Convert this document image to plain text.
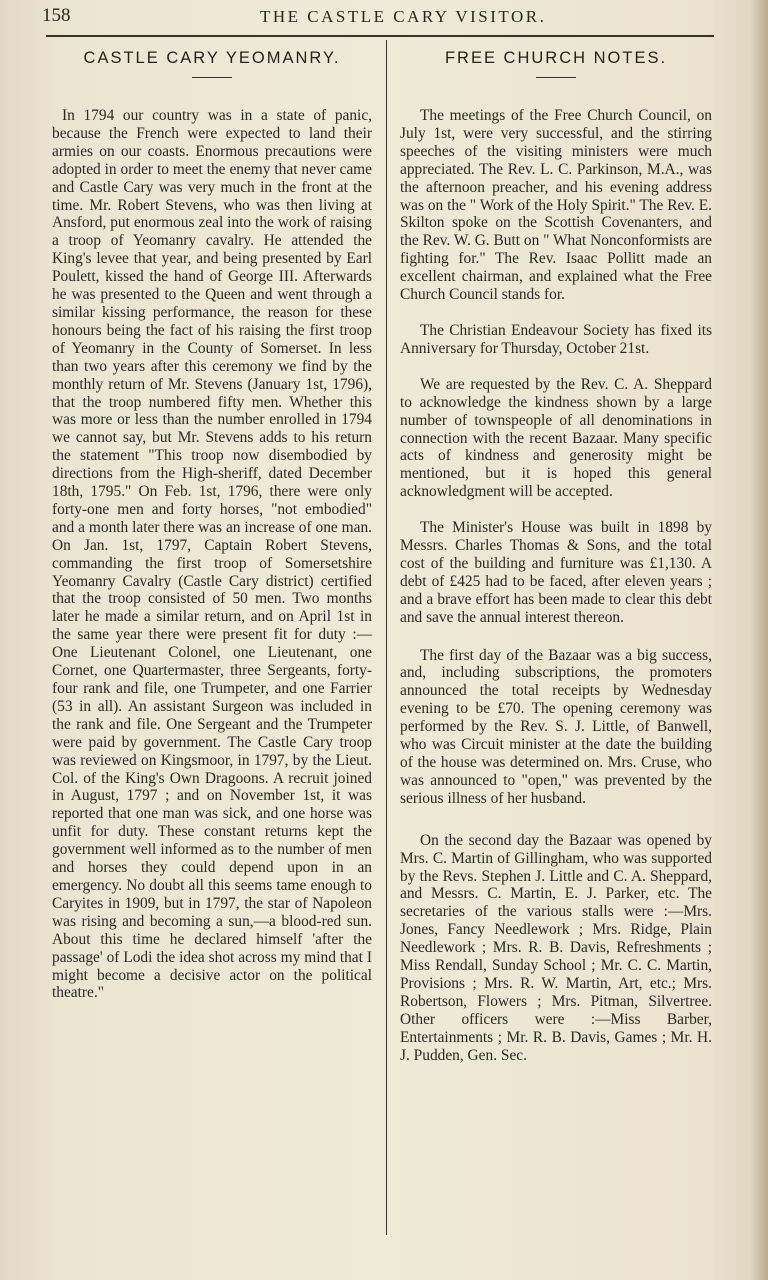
158	THE CASTLE CARY VISITOR.
CASTLE CARY YEOMANRY.

In 1794 our country was in a state of panic, because the French were expected to land their armies on our coasts. Enormous precautions were adopted in order to meet the enemy that never came and Castle Cary was very much in the front at the time. Mr. Robert Stevens, who was then living at Ansford, put enormous zeal into the work of raising a troop of Yeomanry cavalry. He attended the King's levee that year, and being presented by Earl Poulett, kissed the hand of George III. Afterwards he was presented to the Queen and went through a similar kissing performance, the reason for these honours being the fact of his raising the first troop of Yeomanry in the County of Somerset. In less than two years after this ceremony we find by the monthly return of Mr. Stevens (January 1st, 1796), that the troop numbered fifty men. Whether this was more or less than the number enrolled in 1794 we cannot say, but Mr. Stevens adds to his return the statement "This troop now disembodied by directions from the High-sheriff, dated December 18th, 1795." On Feb. 1st, 1796, there were only forty-one men and forty horses, "not embodied" and a month later there was an increase of one man. On Jan. 1st, 1797, Captain Robert Stevens, commanding the first troop of Somersetshire Yeomanry Cavalry (Castle Cary district) certified that the troop consisted of 50 men. Two months later he made a similar return, and on April 1st in the same year there were present fit for duty :—One Lieutenant Colonel, one Lieutenant, one Cornet, one Quartermaster, three Sergeants, forty-four rank and file, one Trumpeter, and one Farrier (53 in all). An assistant Surgeon was included in the rank and file. One Sergeant and the Trumpeter were paid by government. The Castle Cary troop was reviewed on Kingsmoor, in 1797, by the Lieut. Col. of the King's Own Dragoons. A recruit joined in August, 1797 ; and on November 1st, it was reported that one man was sick, and one horse was unfit for duty. These constant returns kept the government well informed as to the number of men and horses they could depend upon in an emergency. No doubt all this seems tame enough to Caryites in 1909, but in 1797, the star of Napoleon was rising and becoming a sun,—a blood-red sun. About this time he declared himself 'after the passage' of Lodi the idea shot across my mind that I might become a decisive actor on the political theatre."

FREE CHURCH NOTES.

The meetings of the Free Church Council, on July 1st, were very successful, and the stirring speeches of the visiting ministers were much appreciated. The Rev. L. C. Parkinson, M.A., was the afternoon preacher, and his evening address was on the " Work of the Holy Spirit." The Rev. E. Skilton spoke on the Scottish Covenanters, and the Rev. W. G. Butt on " What Nonconformists are fighting for." The Rev. Isaac Pollitt made an excellent chairman, and explained what the Free Church Council stands for.

The Christian Endeavour Society has fixed its Anniversary for Thursday, October 21st.

We are requested by the Rev. C. A. Sheppard to acknowledge the kindness shown by a large number of townspeople of all denominations in connection with the recent Bazaar. Many specific acts of kindness and generosity might be mentioned, but it is hoped this general acknowledgment will be accepted.

The Minister's House was built in 1898 by Messrs. Charles Thomas & Sons, and the total cost of the building and furniture was £1,130. A debt of £425 had to be faced, after eleven years ; and a brave effort has been made to clear this debt and save the annual interest thereon.

The first day of the Bazaar was a big success, and, including subscriptions, the promoters announced the total receipts by Wednesday evening to be £70. The opening ceremony was performed by the Rev. S. J. Little, of Banwell, who was Circuit minister at the date the building of the house was determined on. Mrs. Cruse, who was announced to "open," was prevented by the serious illness of her husband.

On the second day the Bazaar was opened by Mrs. C. Martin of Gillingham, who was supported by the Revs. Stephen J. Little and C. A. Sheppard, and Messrs. C. Martin, E. J. Parker, etc. The secretaries of the various stalls were :—Mrs. Jones, Fancy Needlework ; Mrs. Ridge, Plain Needlework ; Mrs. R. B. Davis, Refreshments ; Miss Rendall, Sunday School ; Mr. C. C. Martin, Provisions ; Mrs. R. W. Martin, Art, etc.; Mrs. Robertson, Flowers ; Mrs. Pitman, Silvertree. Other officers were :—Miss Barber, Entertainments ; Mr. R. B. Davis, Games ; Mr. H. J. Pudden, Gen. Sec.
